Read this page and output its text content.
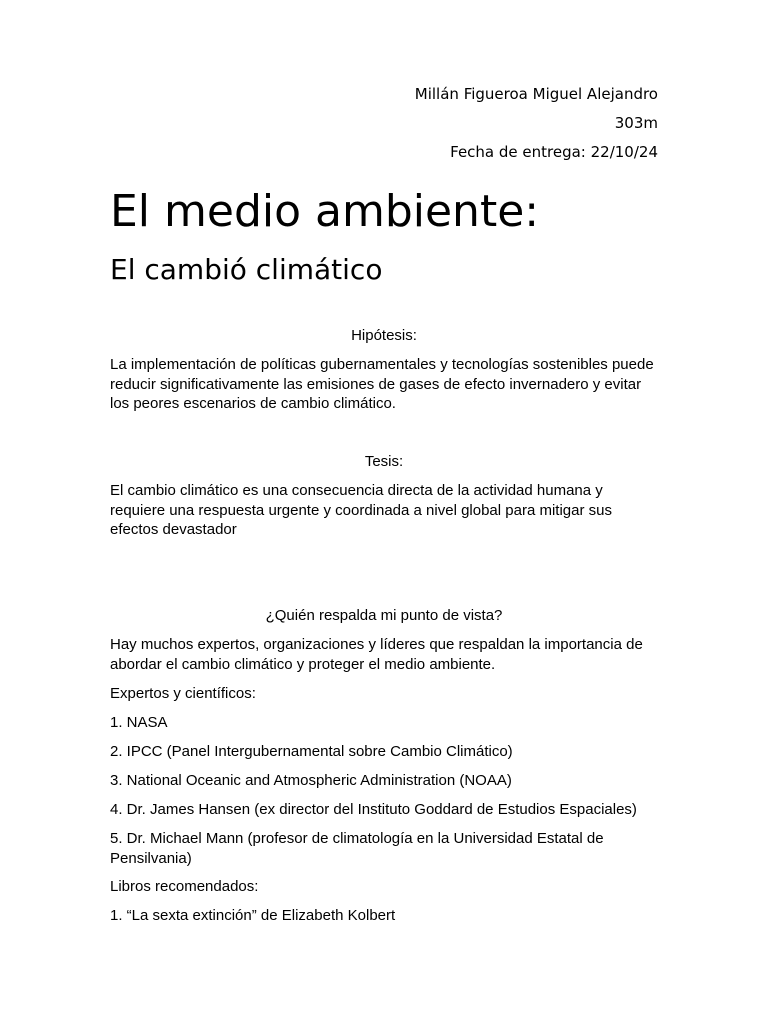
Millán Figueroa Miguel Alejandro
303m
Fecha de entrega: 22/10/24
El medio ambiente:
El cambió climático
Hipótesis:
La implementación de políticas gubernamentales y tecnologías sostenibles puede reducir significativamente las emisiones de gases de efecto invernadero y evitar los peores escenarios de cambio climático.
Tesis:
El cambio climático es una consecuencia directa de la actividad humana y requiere una respuesta urgente y coordinada a nivel global para mitigar sus efectos devastador
¿Quién respalda mi punto de vista?
Hay muchos expertos, organizaciones y líderes que respaldan la importancia de abordar el cambio climático y proteger el medio ambiente.
Expertos y científicos:
1. NASA
2. IPCC (Panel Intergubernamental sobre Cambio Climático)
3. National Oceanic and Atmospheric Administration (NOAA)
4. Dr. James Hansen (ex director del Instituto Goddard de Estudios Espaciales)
5. Dr. Michael Mann (profesor de climatología en la Universidad Estatal de Pensilvania)
Libros recomendados:
1. “La sexta extinción” de Elizabeth Kolbert
